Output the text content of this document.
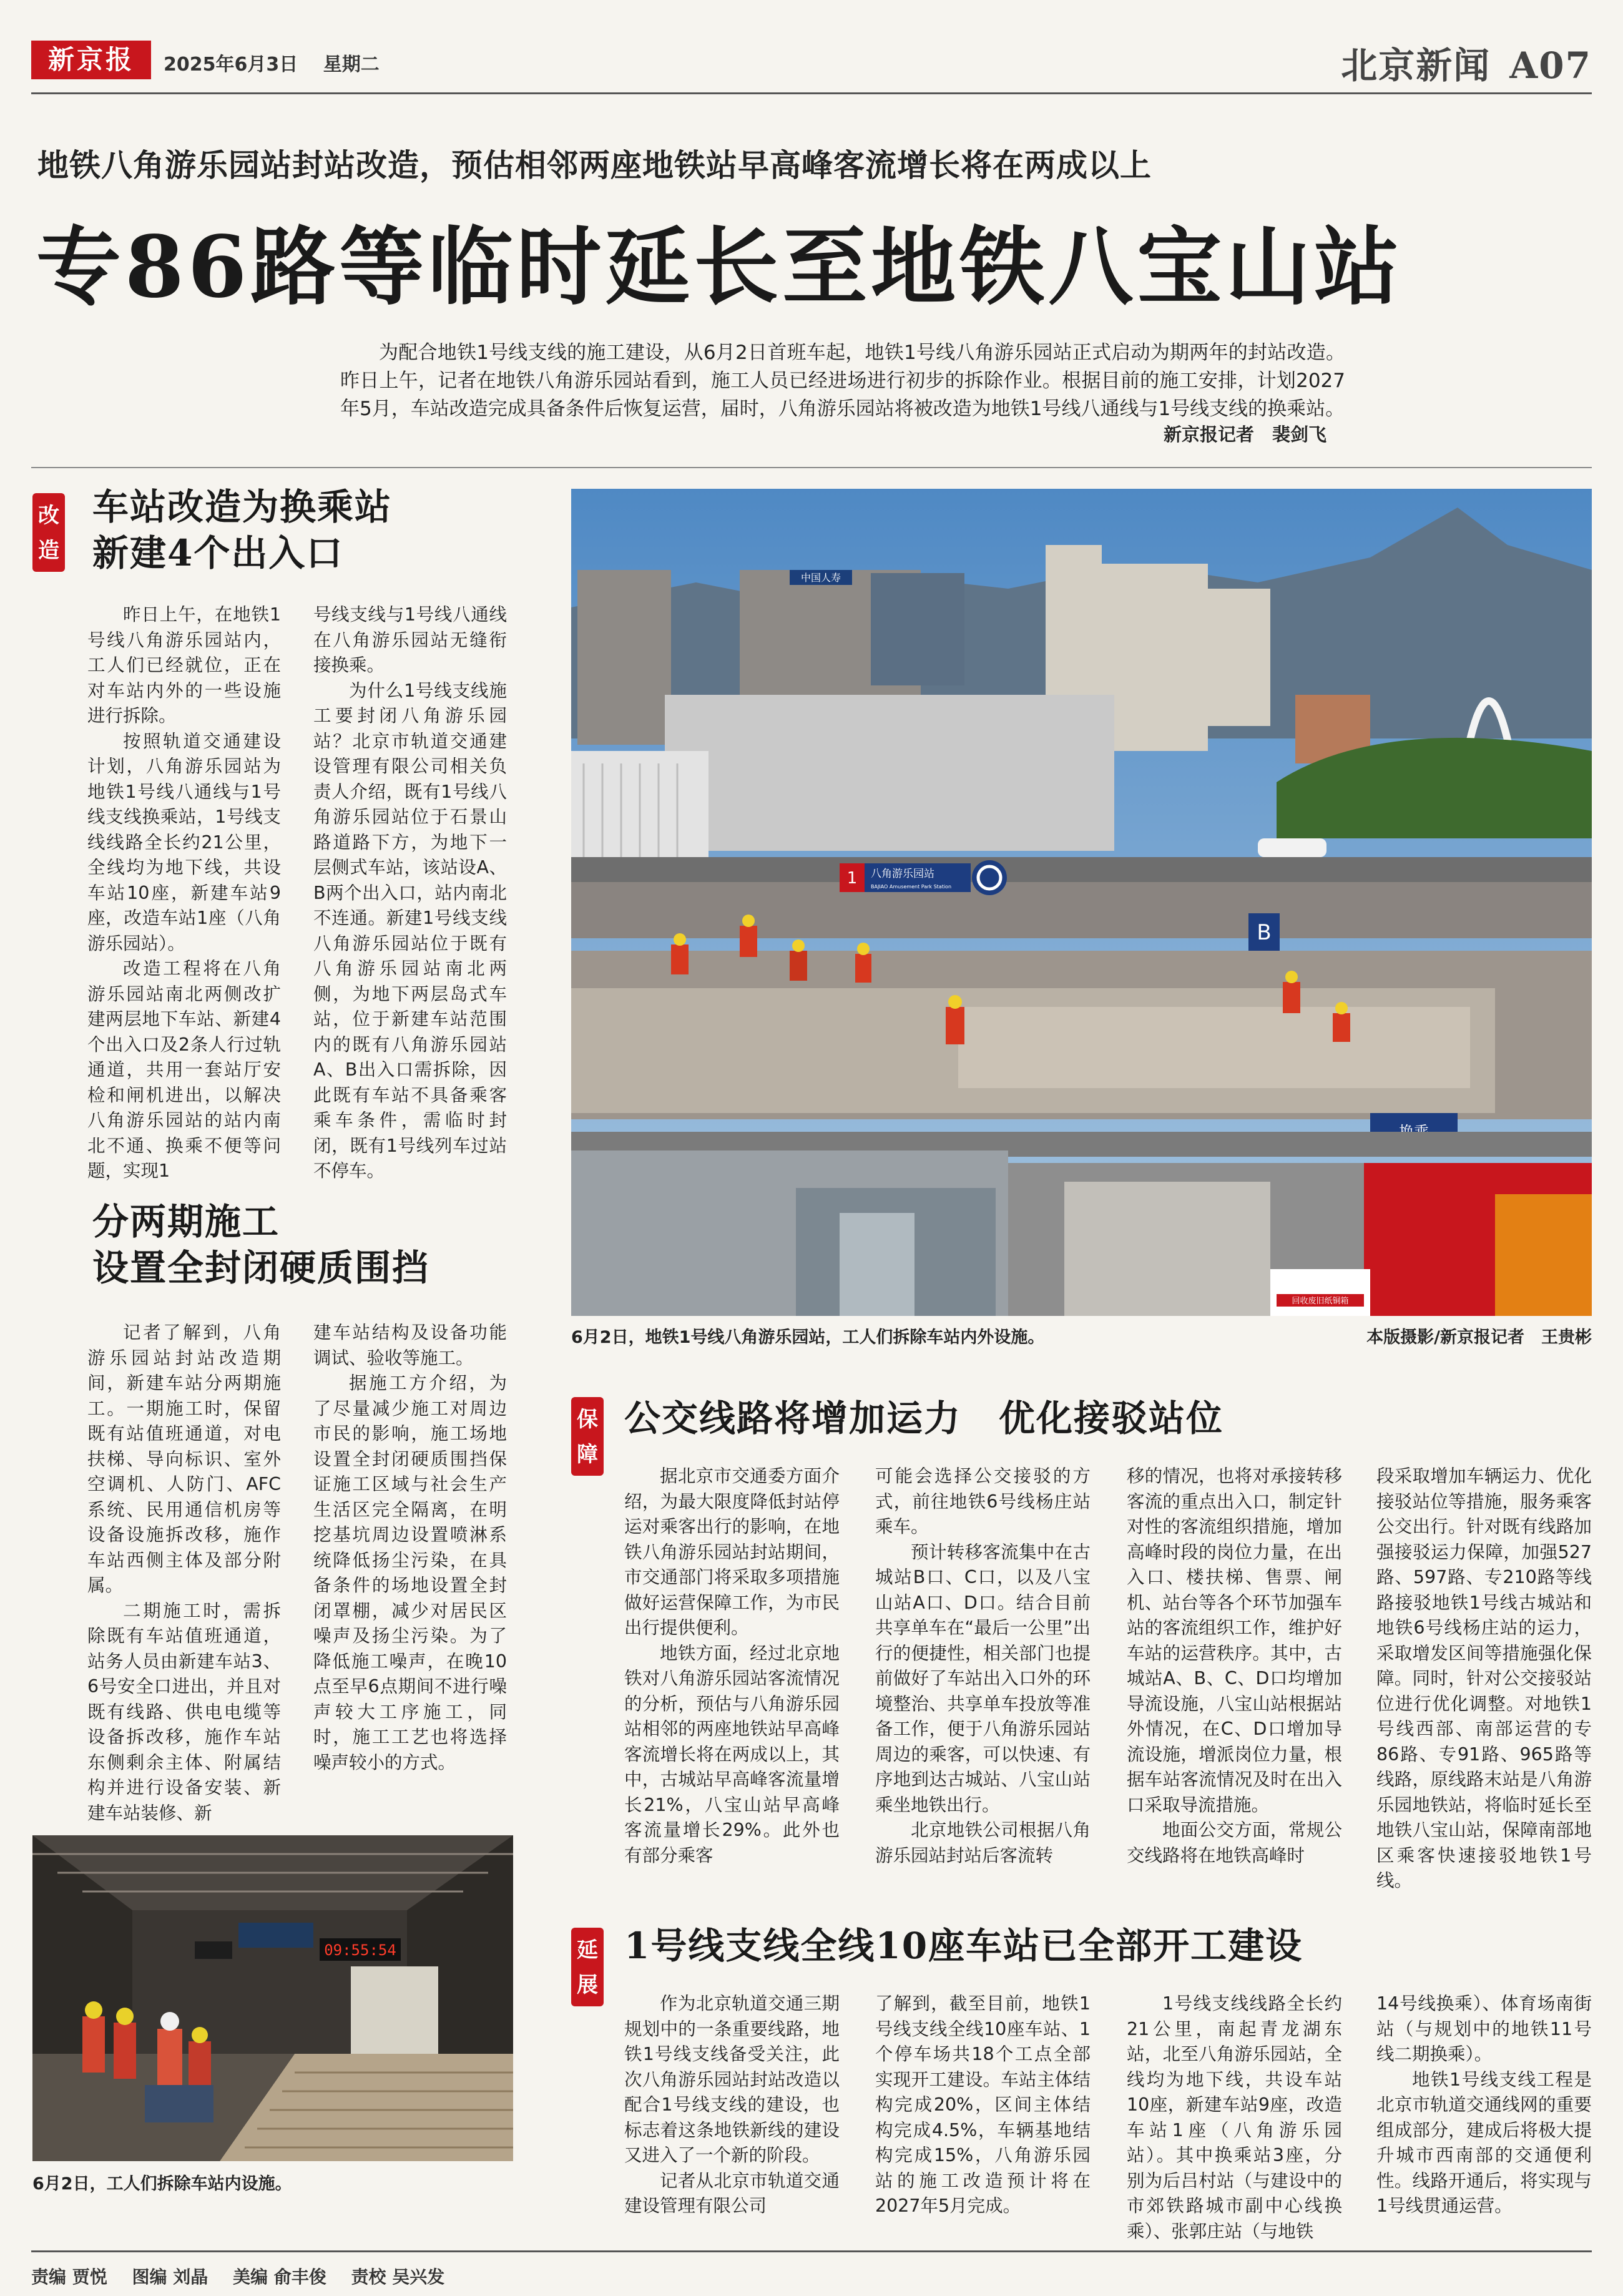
新京报	2025年6月3日 星期二	北京新闻 A07
地铁八角游乐园站封站改造，预估相邻两座地铁站早高峰客流增长将在两成以上
专86路等临时延长至地铁八宝山站
为配合地铁1号线支线的施工建设，从6月2日首班车起，地铁1号线八角游乐园站正式启动为期两年的封站改造。昨日上午，记者在地铁八角游乐园站看到，施工人员已经进场进行初步的拆除作业。根据目前的施工安排，计划2027年5月，车站改造完成具备条件后恢复运营，届时，八角游乐园站将被改造为地铁1号线八通线与1号线支线的换乘站。
新京报记者　裴剑飞
改造
车站改造为换乘站
新建4个出入口

昨日上午，在地铁1号线八角游乐园站内，工人们已经就位，正在对车站内外的一些设施进行拆除。

按照轨道交通建设计划，八角游乐园站为地铁1号线八通线与1号线支线换乘站，1号线支线线路全长约21公里，全线均为地下线，共设车站10座，新建车站9座，改造车站1座（八角游乐园站）。

改造工程将在八角游乐园站南北两侧改扩建两层地下车站、新建4个出入口及2条人行过轨通道，共用一套站厅安检和闸机进出，以解决八角游乐园站的站内南北不通、换乘不便等问题，实现1

号线支线与1号线八通线在八角游乐园站无缝衔接换乘。

为什么1号线支线施工要封闭八角游乐园站？北京市轨道交通建设管理有限公司相关负责人介绍，既有1号线八角游乐园站位于石景山路道路下方，为地下一层侧式车站，该站设A、B两个出入口，站内南北不连通。新建1号线支线八角游乐园站位于既有八角游乐园站南北两侧，为地下两层岛式车站，位于新建车站范围内的既有八角游乐园站A、B出入口需拆除，因此既有车站不具备乘客乘车条件，需临时封闭，既有1号线列车过站不停车。

分两期施工
设置全封闭硬质围挡

记者了解到，八角游乐园站封站改造期间，新建车站分两期施工。一期施工时，保留既有站值班通道，对电扶梯、导向标识、室外空调机、人防门、AFC系统、民用通信机房等设备设施拆改移，施作车站西侧主体及部分附属。

二期施工时，需拆除既有车站值班通道，站务人员由新建车站3、6号安全口进出，并且对既有线路、供电电缆等设备拆改移，施作车站东侧剩余主体、附属结构并进行设备安装、新建车站装修、新

建车站结构及设备功能调试、验收等施工。

据施工方介绍，为了尽量减少施工对周边市民的影响，施工场地设置全封闭硬质围挡保证施工区域与社会生产生活区完全隔离，在明挖基坑周边设置喷淋系统降低扬尘污染，在具备条件的场地设置全封闭罩棚，减少对居民区噪声及扬尘污染。为了降低施工噪声，在晚10点至早6点期间不进行噪声较大工序施工，同时，施工工艺也将选择噪声较小的方式。

09:55:54
6月2日，工人们拆除车站内设施。
中国人寿
1 八角游乐园站
BAJIAO Amusement Park Station
B
回收废旧纸铜箱
6月2日，地铁1号线八角游乐园站，工人们拆除车站内外设施。	本版摄影/新京报记者　王贵彬
保障
公交线路将增加运力　优化接驳站位

据北京市交通委方面介绍，为最大限度降低封站停运对乘客出行的影响，在地铁八角游乐园站封站期间，市交通部门将采取多项措施做好运营保障工作，为市民出行提供便利。

地铁方面，经过北京地铁对八角游乐园站客流情况的分析，预估与八角游乐园站相邻的两座地铁站早高峰客流增长将在两成以上，其中，古城站早高峰客流量增长21%，八宝山站早高峰客流量增长29%。此外也有部分乘客

可能会选择公交接驳的方式，前往地铁6号线杨庄站乘车。

预计转移客流集中在古城站B口、C口，以及八宝山站A口、D口。结合目前共享单车在“最后一公里”出行的便捷性，相关部门也提前做好了车站出入口外的环境整治、共享单车投放等准备工作，便于八角游乐园站周边的乘客，可以快速、有序地到达古城站、八宝山站乘坐地铁出行。

北京地铁公司根据八角游乐园站封站后客流转

移的情况，也将对承接转移客流的重点出入口，制定针对性的客流组织措施，增加高峰时段的岗位力量，在出入口、楼扶梯、售票、闸机、站台等各个环节加强车站的客流组织工作，维护好车站的运营秩序。其中，古城站A、B、C、D口均增加导流设施，八宝山站根据站外情况，在C、D口增加导流设施，增派岗位力量，根据车站客流情况及时在出入口采取导流措施。

地面公交方面，常规公交线路将在地铁高峰时

段采取增加车辆运力、优化接驳站位等措施，服务乘客公交出行。针对既有线路加强接驳运力保障，加强527路、597路、专210路等线路接驳地铁1号线古城站和地铁6号线杨庄站的运力，采取增发区间等措施强化保障。同时，针对公交接驳站位进行优化调整。对地铁1号线西部、南部运营的专86路、专91路、965路等线路，原线路末站是八角游乐园地铁站，将临时延长至地铁八宝山站，保障南部地区乘客快速接驳地铁1号线。

延展
1号线支线全线10座车站已全部开工建设

作为北京轨道交通三期规划中的一条重要线路，地铁1号线支线备受关注，此次八角游乐园站封站改造以配合1号线支线的建设，也标志着这条地铁新线的建设又进入了一个新的阶段。

记者从北京市轨道交通建设管理有限公司

了解到，截至目前，地铁1号线支线全线10座车站、1个停车场共18个工点全部实现开工建设。车站主体结构完成20%，区间主体结构完成4.5%，车辆基地结构完成15%，八角游乐园站的施工改造预计将在2027年5月完成。

1号线支线线路全长约21公里，南起青龙湖东站，北至八角游乐园站，全线均为地下线，共设车站10座，新建车站9座，改造车站1座（八角游乐园站）。其中换乘站3座，分别为后吕村站（与建设中的市郊铁路城市副中心线换乘）、张郭庄站（与地铁

14号线换乘）、体育场南街站（与规划中的地铁11号线二期换乘）。

地铁1号线支线工程是北京市轨道交通线网的重要组成部分，建成后将极大提升城市西南部的交通便利性。线路开通后，将实现与1号线贯通运营。

责编 贾悦 图编 刘晶 美编 俞丰俊 责校 吴兴发
